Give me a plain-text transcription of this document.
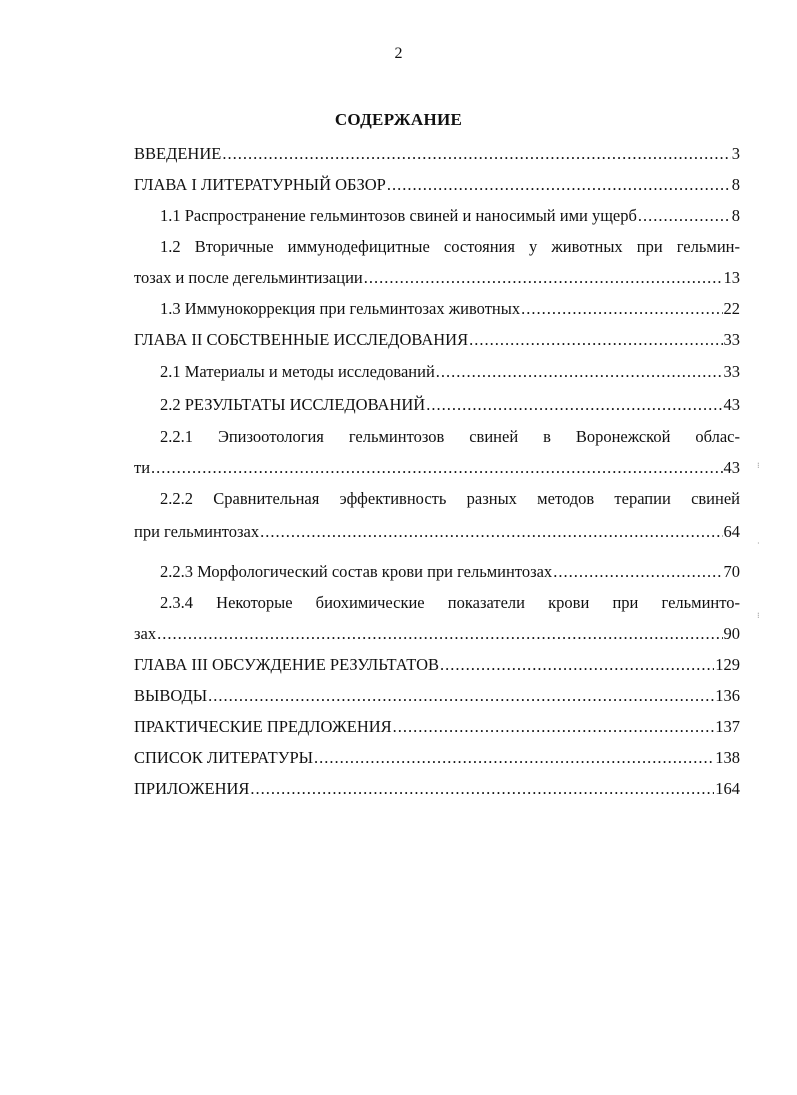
2
СОДЕРЖАНИЕ
ВВЕДЕНИЕ .....	3
ГЛАВА I ЛИТЕРАТУРНЫЙ ОБЗОР .....	8
1.1 Распространение гельминтозов свиней и наносимый ими ущерб .....	8
1.2 Вторичные иммунодефицитные состояния у животных при гельмин-
тозах и после дегельминтизации .....	13
1.3 Иммунокоррекция при гельминтозах животных .....	22
ГЛАВА II СОБСТВЕННЫЕ ИССЛЕДОВАНИЯ .....	33
2.1 Материалы и методы исследований .....	33
2.2 РЕЗУЛЬТАТЫ ИССЛЕДОВАНИЙ .....	43
2.2.1 Эпизоотология гельминтозов свиней в Воронежской облас-
ти .....	43
2.2.2 Сравнительная эффективность разных методов терапии свиней
при гельминтозах .....	64
2.2.3 Морфологический состав крови при гельминтозах .....	70
2.3.4 Некоторые биохимические показатели крови при гельминто-
зах .....	90
ГЛАВА III ОБСУЖДЕНИЕ РЕЗУЛЬТАТОВ .....	129
ВЫВОДЫ .....	136
ПРАКТИЧЕСКИЕ ПРЕДЛОЖЕНИЯ .....	137
СПИСОК ЛИТЕРАТУРЫ .....	138
ПРИЛОЖЕНИЯ .....	164
⁝
·
⁝
